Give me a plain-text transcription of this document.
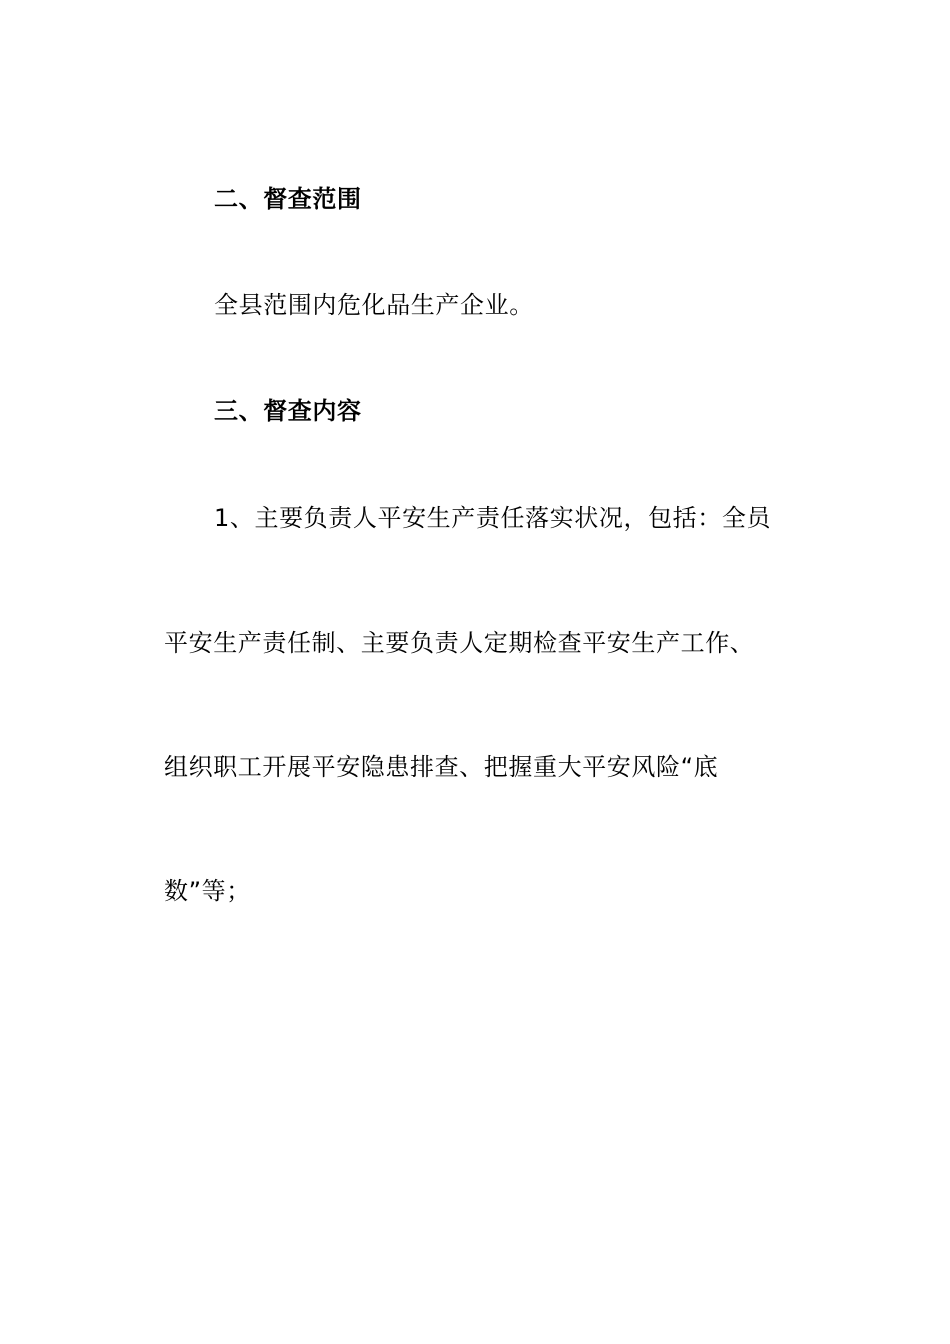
二、督查范围
全县范围内危化品生产企业。
三、督查内容
1、主要负责人平安生产责任落实状况，包括：全员
平安生产责任制、主要负责人定期检查平安生产工作、
组织职工开展平安隐患排查、把握重大平安风险“底
数”等；
